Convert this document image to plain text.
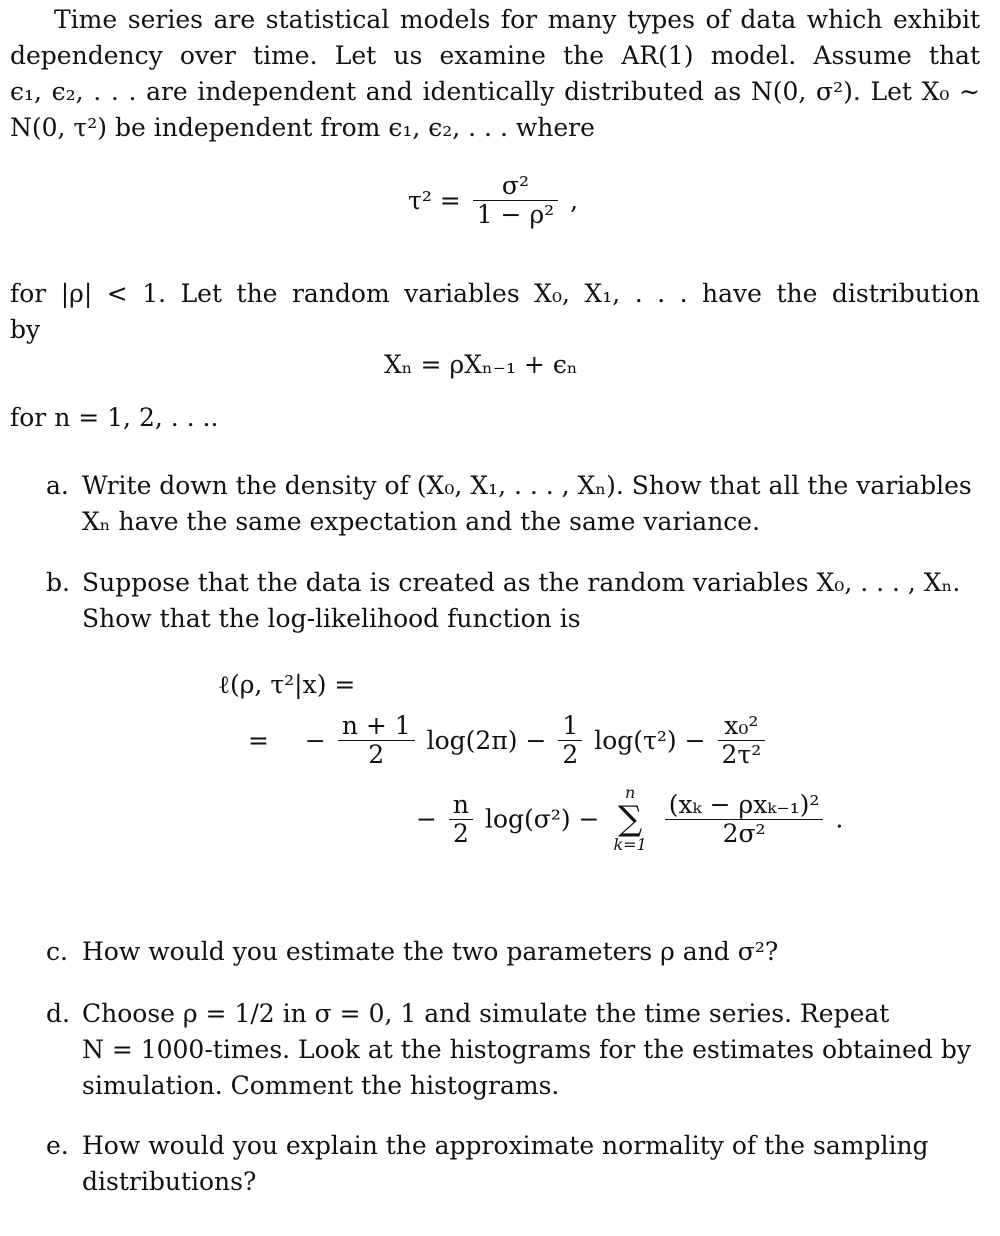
Time series are statistical models for many types of data which exhibit
dependency over time. Let us examine the AR(1) model. Assume that
ϵ₁, ϵ₂, . . . are independent and identically distributed as N(0, σ²). Let X₀ ∼
N(0, τ²) be independent from ϵ₁, ϵ₂, . . . where
$\tau^2 = \frac{\text{σ²}}{\text{1 − ρ²}}$ ,
for |ρ| < 1. Let the random variables X₀, X₁, . . . have the distribution
by
Xₙ = ρXₙ₋₁ + ϵₙ
for n = 1, 2, . . ..
a. Write down the density of (X₀, X₁, . . . , Xₙ). Show that all the variables
Xₙ have the same expectation and the same variance.
b. Suppose that the data is created as the random variables X₀, . . . , Xₙ.
Show that the log-likelihood function is
ℓ(ρ, τ²|x) =
= − $\frac{n + 1}{2} \log(2\pi) - \frac{1}{2} \log(\tau^2) - \frac{\text{x₀²}}{\text{2τ²}}$
− $\frac{n}{2} \log(\sigma^2)$ −
n
∑
k=1
$\frac{\text{(xₖ − ρxₖ₋₁)²}}{\text{2σ²}}$ .
c. How would you estimate the two parameters ρ and σ²?
d. Choose ρ = 1/2 in σ = 0, 1 and simulate the time series. Repeat
N = 1000-times. Look at the histograms for the estimates obtained by
simulation. Comment the histograms.
e. How would you explain the approximate normality of the sampling
distributions?
